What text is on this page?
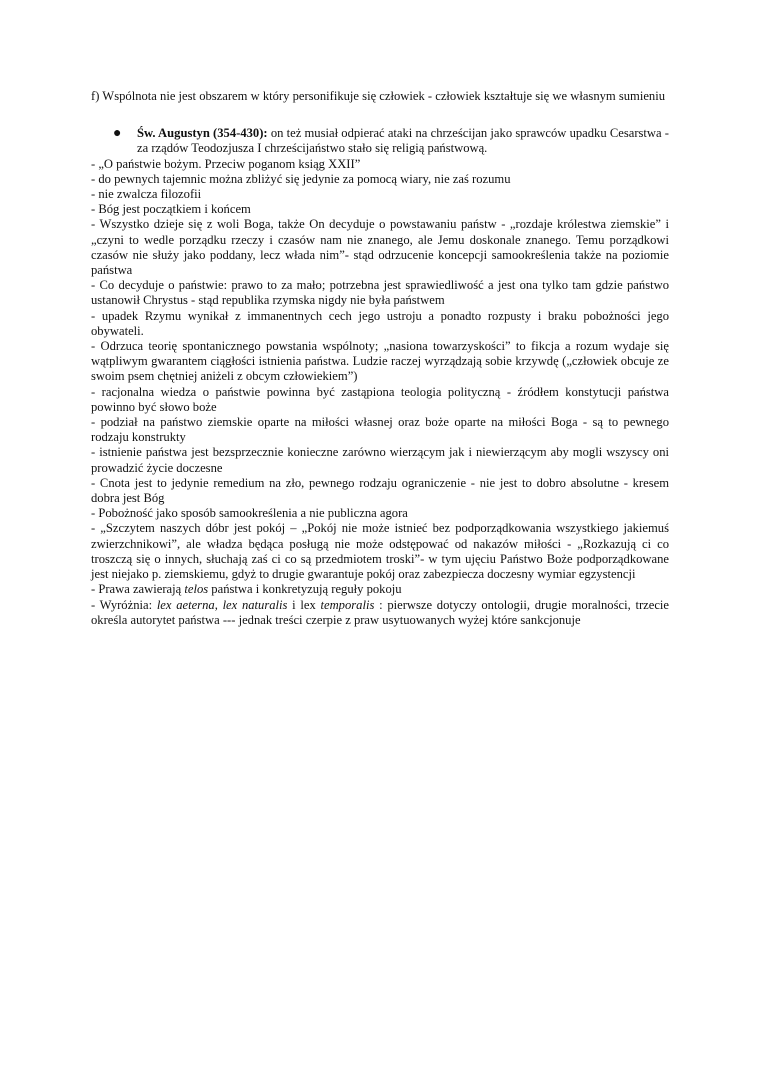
f) Wspólnota nie jest obszarem w który personifikuje się człowiek - człowiek kształtuje się we własnym sumieniu

● Św. Augustyn (354-430): on też musiał odpierać ataki na chrześcijan jako sprawców upadku Cesarstwa - za rządów Teodozjusza I chrześcijaństwo stało się religią państwową.

- „O państwie bożym. Przeciw poganom ksiąg XXII”

- do pewnych tajemnic można zbliżyć się jedynie za pomocą wiary, nie zaś rozumu

- nie zwalcza filozofii

- Bóg jest początkiem i końcem

- Wszystko dzieje się z woli Boga, także On decyduje o powstawaniu państw - „rozdaje królestwa ziemskie” i „czyni to wedle porządku rzeczy i czasów nam nie znanego, ale Jemu doskonale znanego. Temu porządkowi czasów nie służy jako poddany, lecz włada nim”- stąd odrzucenie koncepcji samookreślenia także na poziomie państwa

- Co decyduje o państwie: prawo to za mało; potrzebna jest sprawiedliwość a jest ona tylko tam gdzie państwo ustanowił Chrystus - stąd republika rzymska nigdy nie była państwem

- upadek Rzymu wynikał z immanentnych cech jego ustroju a ponadto rozpusty i braku pobożności jego obywateli.

- Odrzuca teorię spontanicznego powstania wspólnoty; „nasiona towarzyskości” to fikcja a rozum wydaje się wątpliwym gwarantem ciągłości istnienia państwa. Ludzie raczej wyrządzają sobie krzywdę („człowiek obcuje ze swoim psem chętniej aniżeli z obcym człowiekiem”)

- racjonalna wiedza o państwie powinna być zastąpiona teologia polityczną - źródłem konstytucji państwa powinno być słowo boże

- podział na państwo ziemskie oparte na miłości własnej oraz boże oparte na miłości Boga - są to pewnego rodzaju konstrukty

- istnienie państwa jest bezsprzecznie konieczne zarówno wierzącym jak i niewierzącym aby mogli wszyscy oni prowadzić życie doczesne

- Cnota jest to jedynie remedium na zło, pewnego rodzaju ograniczenie - nie jest to dobro absolutne - kresem dobra jest Bóg

- Pobożność jako sposób samookreślenia a nie publiczna agora

- „Szczytem naszych dóbr jest pokój – „Pokój nie może istnieć bez podporządkowania wszystkiego jakiemuś zwierzchnikowi”, ale władza będąca posługą nie może odstępować od nakazów miłości - „Rozkazują ci co troszczą się o innych, słuchają zaś ci co są przedmiotem troski”- w tym ujęciu Państwo Boże podporządkowane jest niejako p. ziemskiemu, gdyż to drugie gwarantuje pokój oraz zabezpiecza doczesny wymiar egzystencji

- Prawa zawierają telos państwa i konkretyzują reguły pokoju

- Wyróżnia: lex aeterna, lex naturalis i lex temporalis : pierwsze dotyczy ontologii, drugie moralności, trzecie określa autorytet państwa --- jednak treści czerpie z praw usytuowanych wyżej które sankcjonuje
